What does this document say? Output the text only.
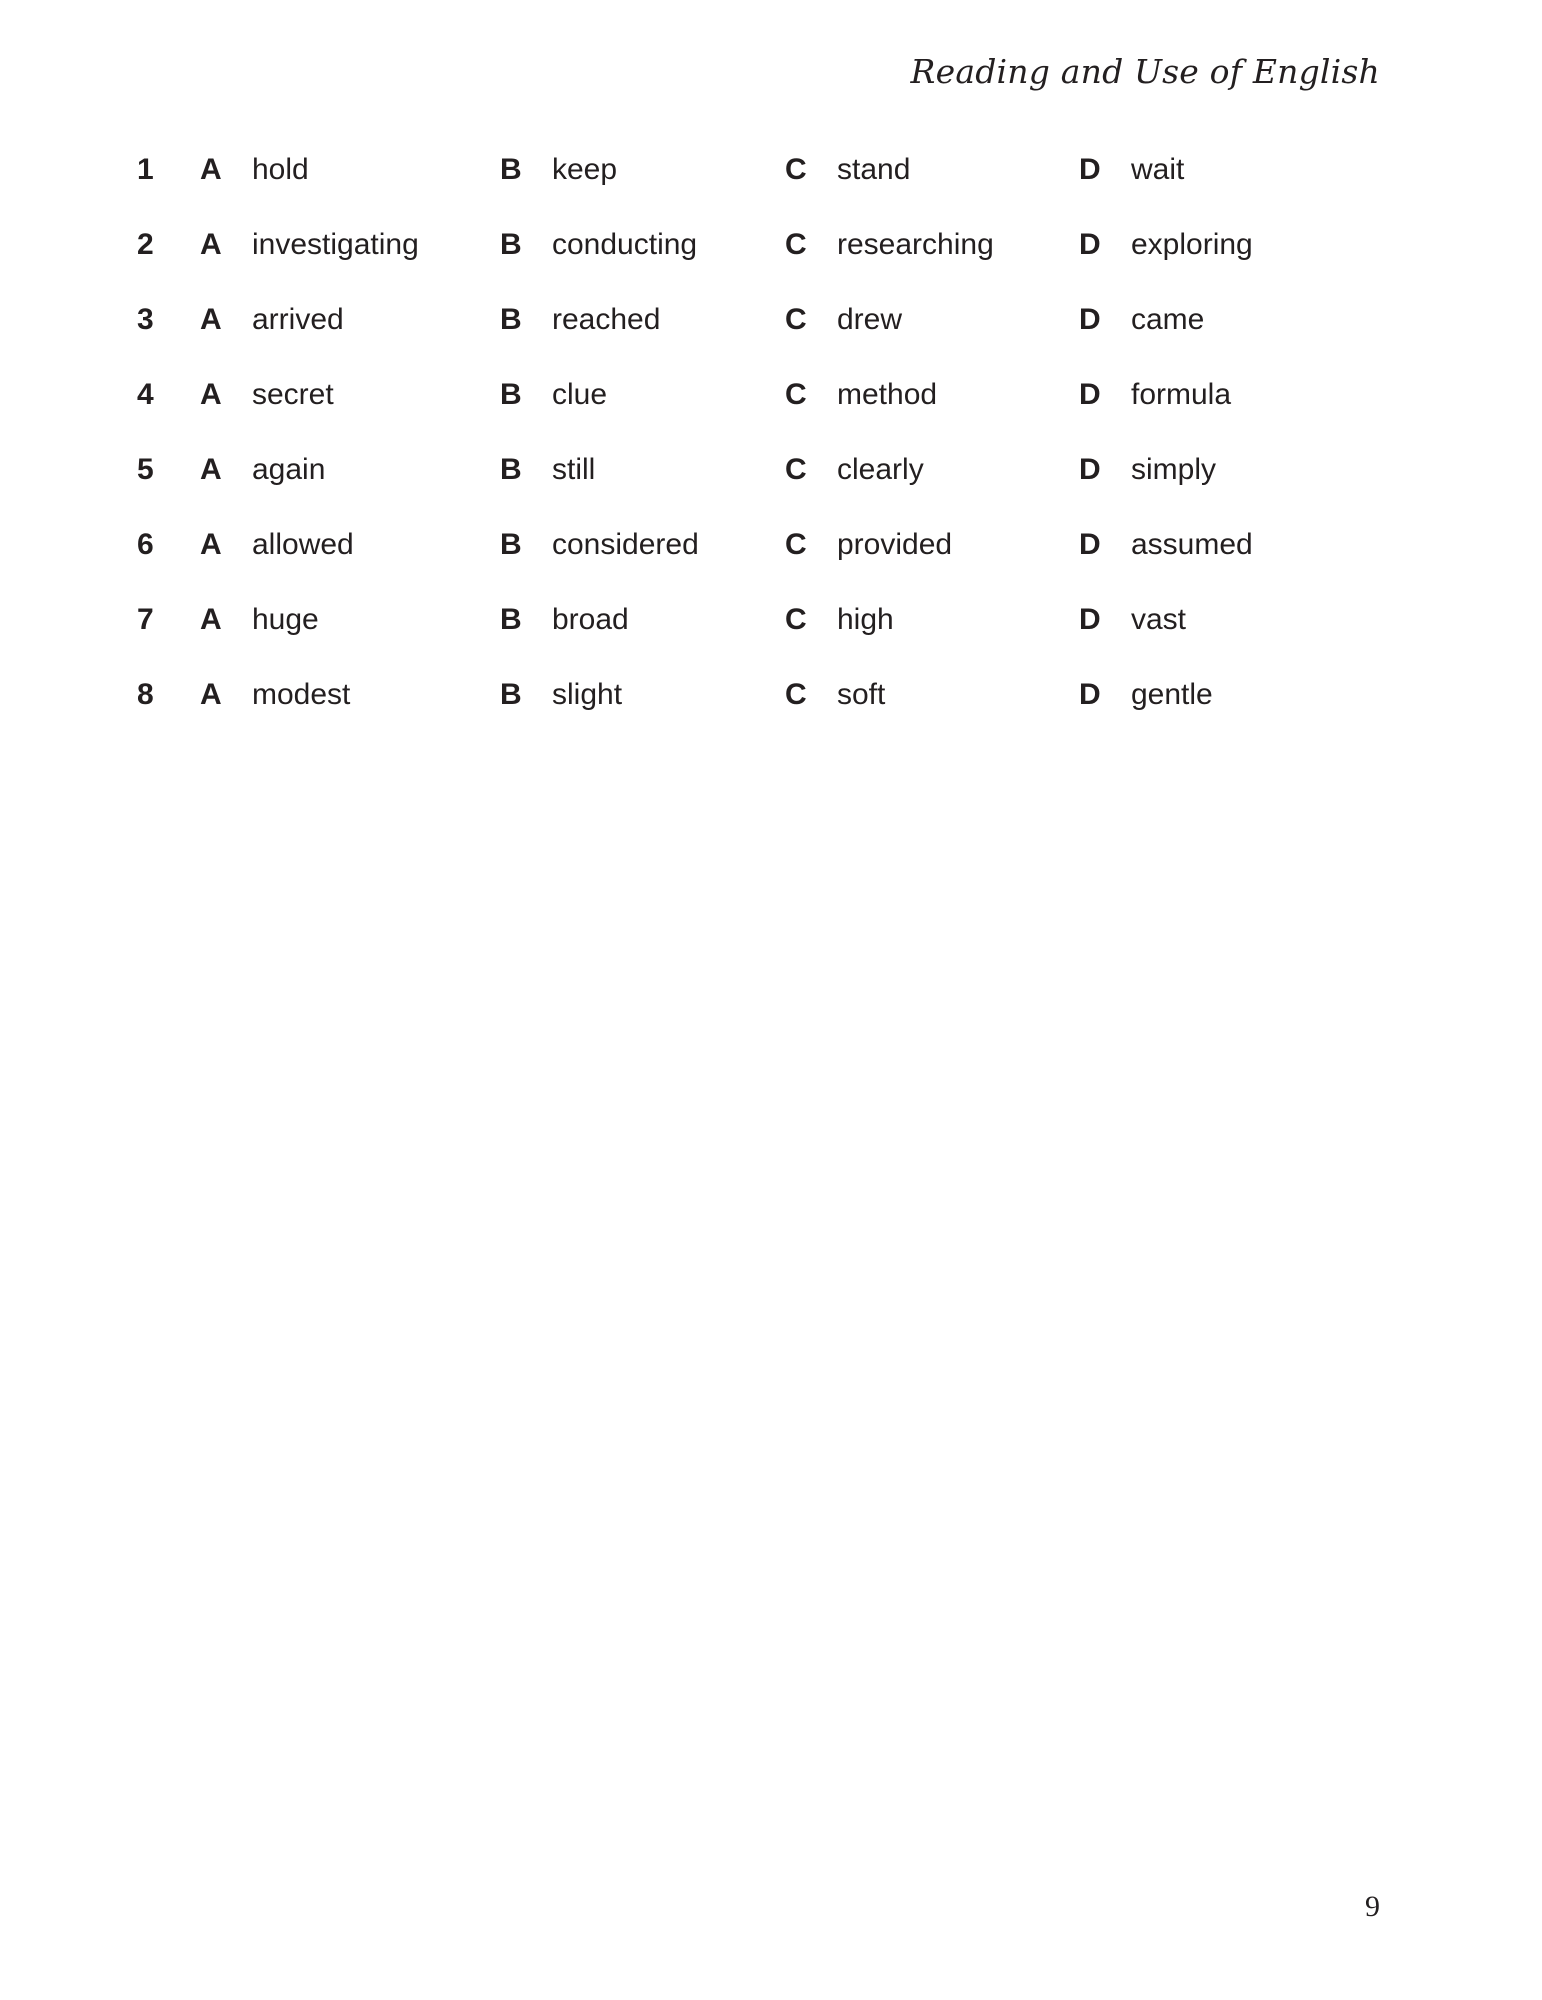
Reading and Use of English
1 A hold	B keep	C stand	D wait
2 A investigating	B conducting	C researching	D exploring
3 A arrived	B reached	C drew	D came
4 A secret	B clue	C method	D formula
5 A again	B still	C clearly	D simply
6 A allowed	B considered	C provided	D assumed
7 A huge	B broad	C high	D vast
8 A modest	B slight	C soft	D gentle
9
